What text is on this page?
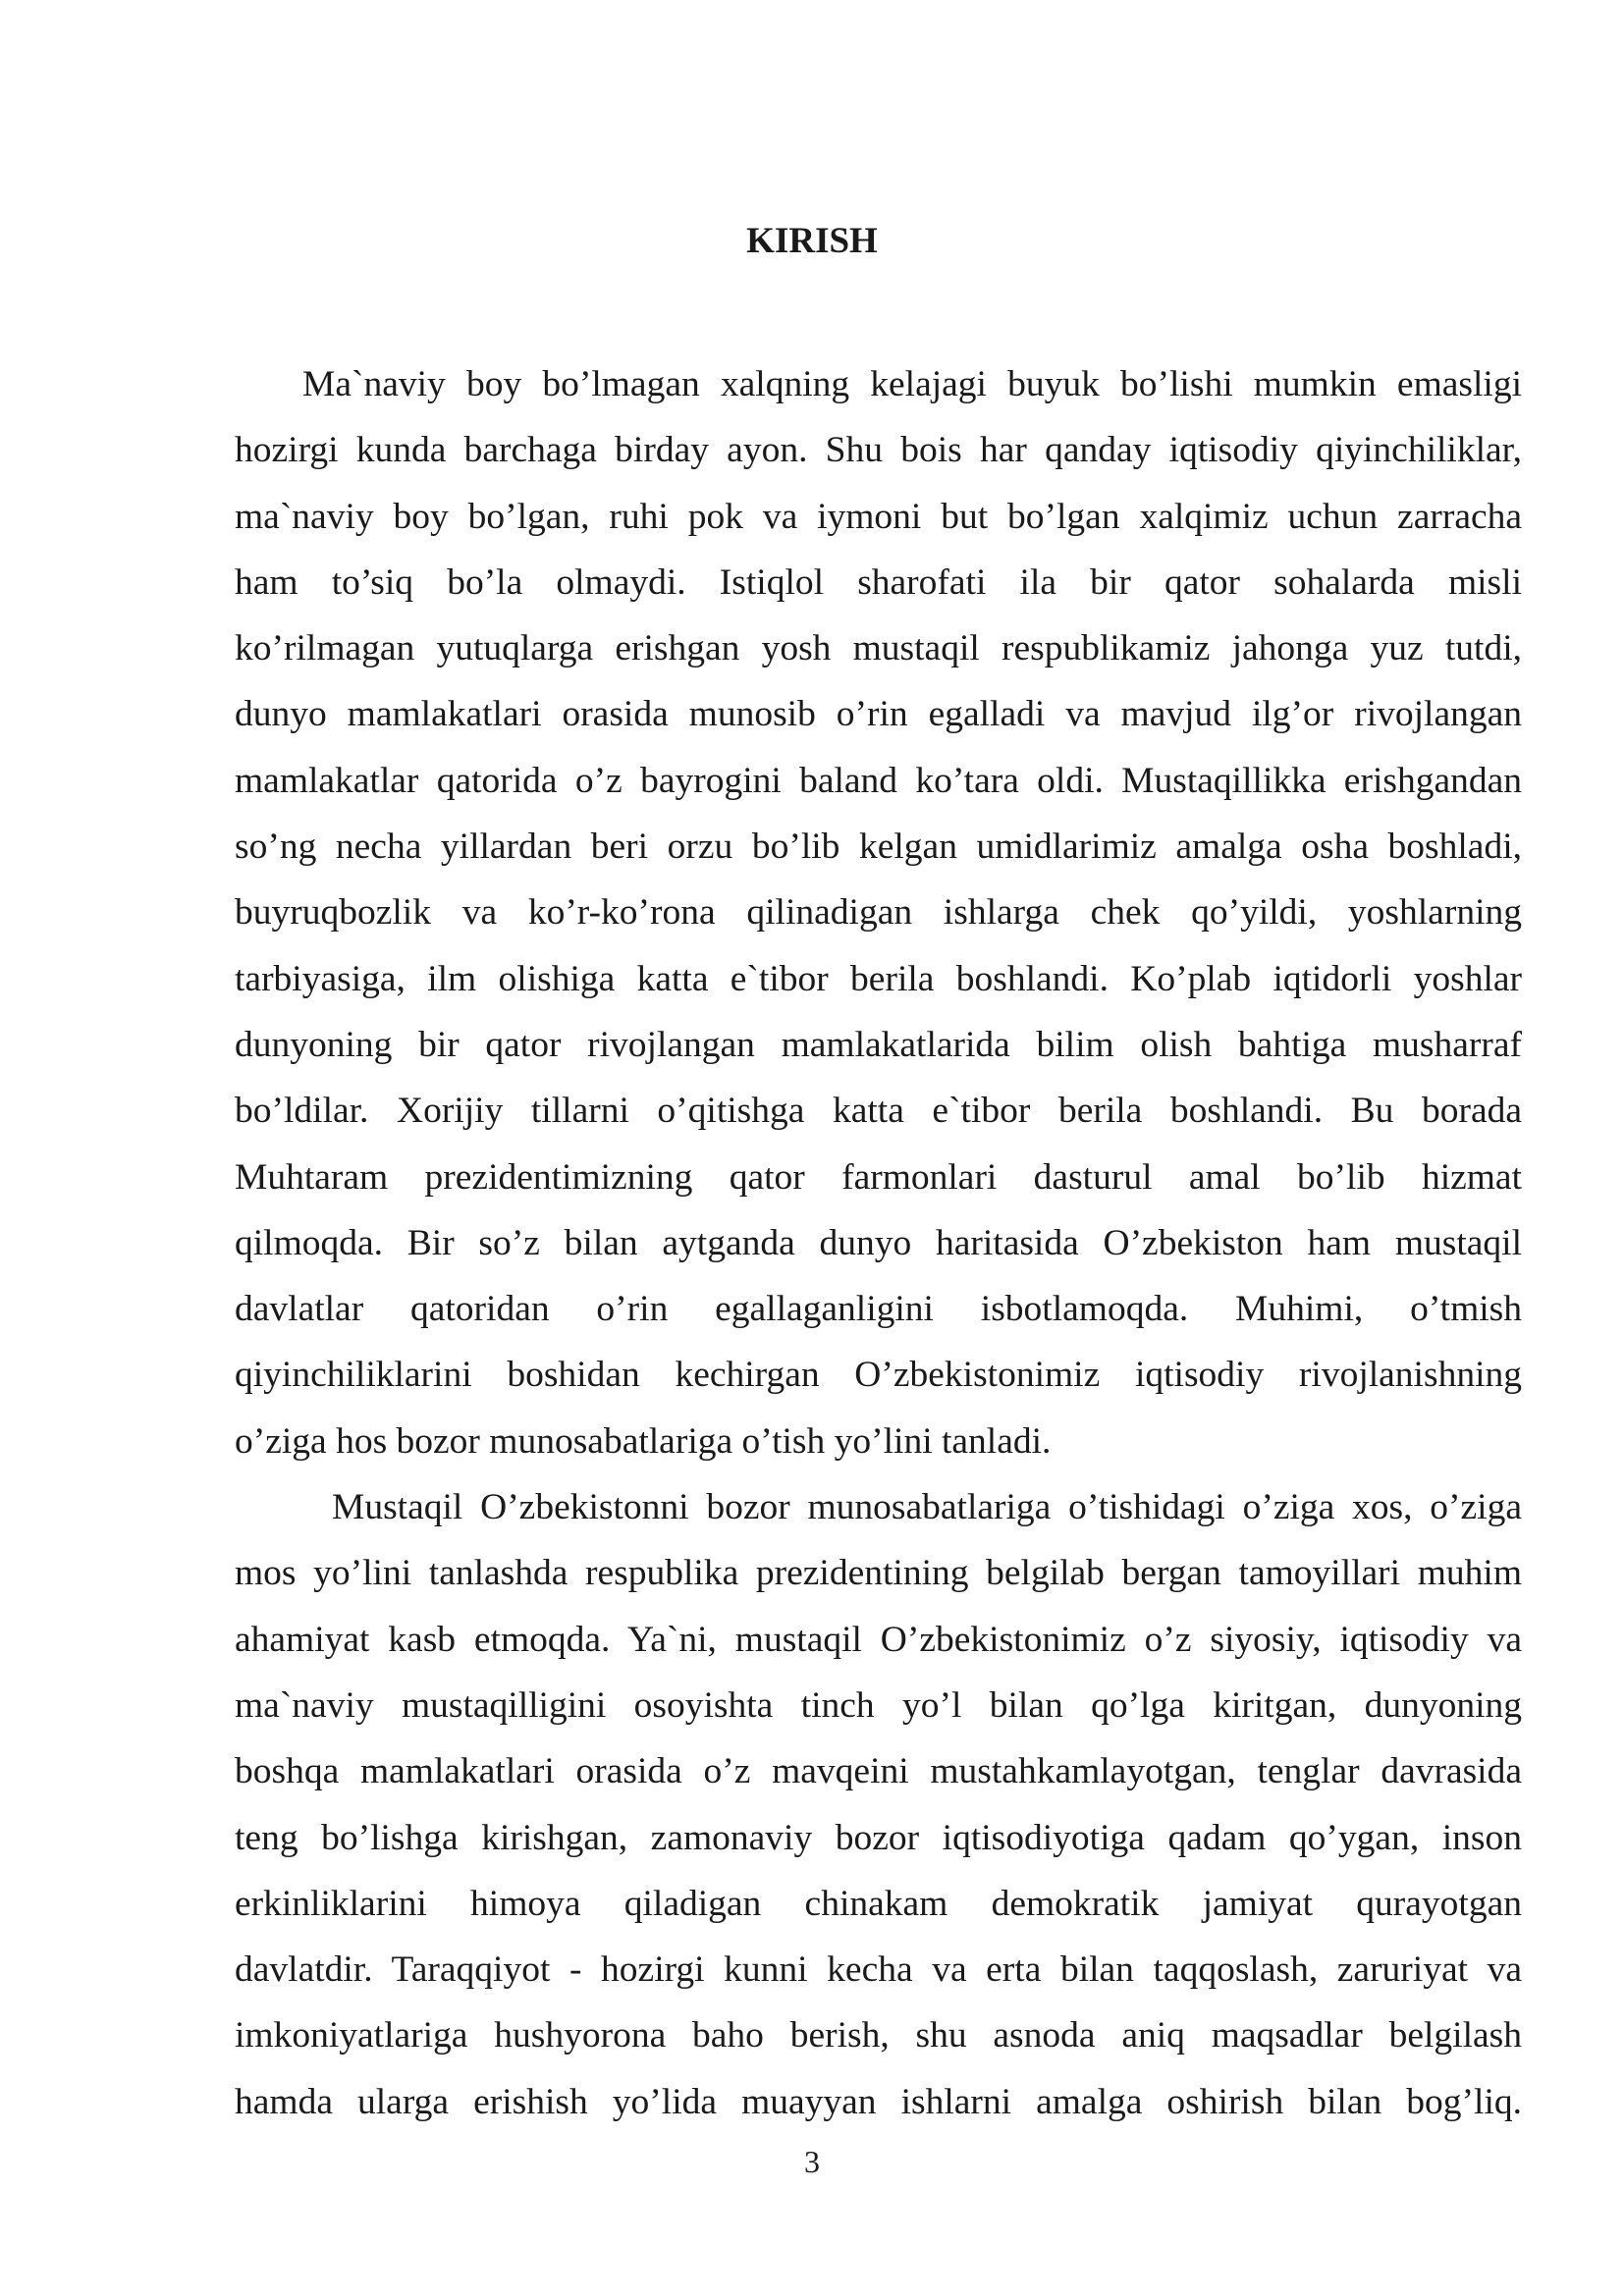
KIRISH
Ma`naviy boy bo’lmagan xalqning kelajagi buyuk bo’lishi mumkin emasligi
hozirgi kunda barchaga birday ayon. Shu bois har qanday iqtisodiy qiyinchiliklar,
ma`naviy boy bo’lgan, ruhi pok va iymoni but bo’lgan xalqimiz uchun zarracha
ham to’siq bo’la olmaydi. Istiqlol sharofati ila bir qator sohalarda misli
ko’rilmagan yutuqlarga erishgan yosh mustaqil respublikamiz jahonga yuz tutdi,
dunyo mamlakatlari orasida munosib o’rin egalladi va mavjud ilg’or rivojlangan
mamlakatlar qatorida o’z bayrogini baland ko’tara oldi. Mustaqillikka erishgandan
so’ng necha yillardan beri orzu bo’lib kelgan umidlarimiz amalga osha boshladi,
buyruqbozlik va ko’r-ko’rona qilinadigan ishlarga chek qo’yildi, yoshlarning
tarbiyasiga, ilm olishiga katta e`tibor berila boshlandi. Ko’plab iqtidorli yoshlar
dunyoning bir qator rivojlangan mamlakatlarida bilim olish bahtiga musharraf
bo’ldilar. Xorijiy tillarni o’qitishga katta e`tibor berila boshlandi. Bu borada
Muhtaram prezidentimizning qator farmonlari dasturul amal bo’lib hizmat
qilmoqda. Bir so’z bilan aytganda dunyo haritasida O’zbekiston ham mustaqil
davlatlar qatoridan o’rin egallaganligini isbotlamoqda. Muhimi, o’tmish
qiyinchiliklarini boshidan kechirgan O’zbekistonimiz iqtisodiy rivojlanishning
o’ziga hos bozor munosabatlariga o’tish yo’lini tanladi.
Mustaqil O’zbekistonni bozor munosabatlariga o’tishidagi o’ziga xos, o’ziga
mos yo’lini tanlashda respublika prezidentining belgilab bergan tamoyillari muhim
ahamiyat kasb etmoqda. Ya`ni, mustaqil O’zbekistonimiz o’z siyosiy, iqtisodiy va
ma`naviy mustaqilligini osoyishta tinch yo’l bilan qo’lga kiritgan, dunyoning
boshqa mamlakatlari orasida o’z mavqeini mustahkamlayotgan, tenglar davrasida
teng bo’lishga kirishgan, zamonaviy bozor iqtisodiyotiga qadam qo’ygan, inson
erkinliklarini himoya qiladigan chinakam demokratik jamiyat qurayotgan
davlatdir. Taraqqiyot - hozirgi kunni kecha va erta bilan taqqoslash, zaruriyat va
imkoniyatlariga hushyorona baho berish, shu asnoda aniq maqsadlar belgilash
hamda ularga erishish yo’lida muayyan ishlarni amalga oshirish bilan bog’liq.
3
